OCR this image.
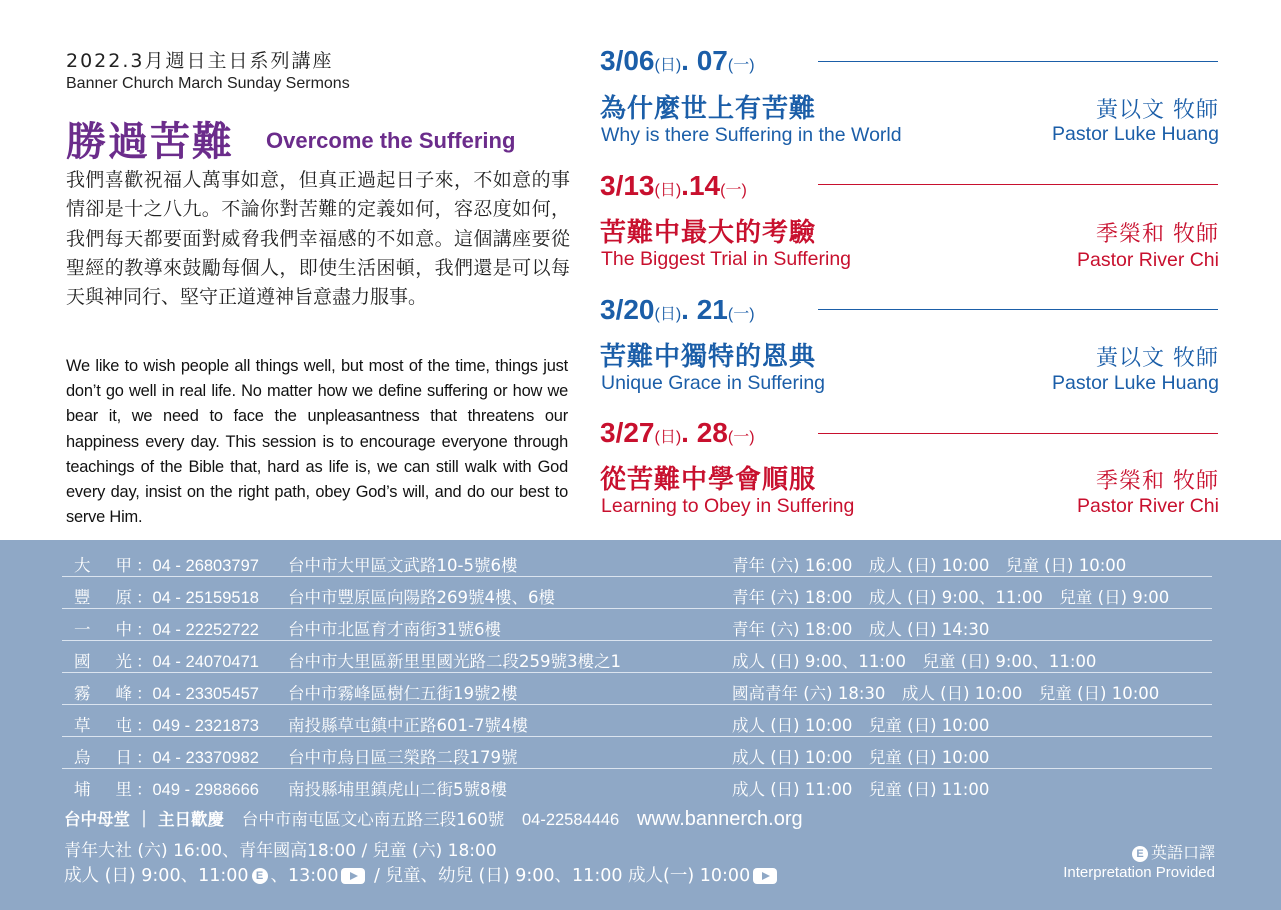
2022.3月週日主日系列講座
Banner Church March Sunday Sermons
勝過苦難 Overcome the Suffering
我們喜歡祝福人萬事如意，但真正過起日子來，不如意的事情卻是十之八九。不論你對苦難的定義如何，容忍度如何，我們每天都要面對威脅我們幸福感的不如意。這個講座要從聖經的教導來鼓勵每個人，即使生活困頓，我們還是可以每天與神同行、堅守正道遵神旨意盡力服事。
We like to wish people all things well, but most of the time, things just don’t go well in real life. No matter how we define suffering or how we bear it, we need to face the unpleasantness that threatens our happiness every day. This session is to encourage everyone through teachings of the Bible that, hard as life is, we can still walk with God every day, insist on the right path, obey God’s will, and do our best to serve Him.
3/06(日). 07(一)
為什麼世上有苦難
Why is there Suffering in the World
黃以文 牧師
Pastor Luke Huang
3/13(日).14(一)
苦難中最大的考驗
The Biggest Trial in Suffering
季榮和 牧師
Pastor River Chi
3/20(日). 21(一)
苦難中獨特的恩典
Unique Grace in Suffering
黃以文 牧師
Pastor Luke Huang
3/27(日). 28(一)
從苦難中學會順服
Learning to Obey in Suffering
季榮和 牧師
Pastor River Chi
大甲 ：04 - 26803797 台中市大甲區文武路10-5號6樓	青年 (六) 16:00　成人 (日) 10:00　兒童 (日) 10:00
豐原 ：04 - 25159518 台中市豐原區向陽路269號4樓、6樓	青年 (六) 18:00　成人 (日) 9:00、11:00　兒童 (日) 9:00
一中 ：04 - 22252722 台中市北區育才南街31號6樓	青年 (六) 18:00　成人 (日) 14:30
國光 ：04 - 24070471 台中市大里區新里里國光路二段259號3樓之1	成人 (日) 9:00、11:00　兒童 (日) 9:00、11:00
霧峰 ：04 - 23305457 台中市霧峰區樹仁五街19號2樓	國高青年 (六) 18:30　成人 (日) 10:00　兒童 (日) 10:00
草屯 ：049 - 2321873 南投縣草屯鎮中正路601-7號4樓	成人 (日) 10:00　兒童 (日) 10:00
烏日 ：04 - 23370982 台中市烏日區三榮路二段179號	成人 (日) 10:00　兒童 (日) 10:00
埔里 ：049 - 2988666 南投縣埔里鎮虎山二街5號8樓	成人 (日) 11:00　兒童 (日) 11:00
台中母堂 ｜ 主日歡慶 台中市南屯區文心南五路三段160號 04-22584446 www.bannerch.org
青年大社 (六) 16:00、青年國高18:00 / 兒童 (六) 18:00
成人 (日) 9:00、11:00 E 、13:00 / 兒童、幼兒 (日) 9:00、11:00 成人(一) 10:00
E 英語口譯
Interpretation Provided
